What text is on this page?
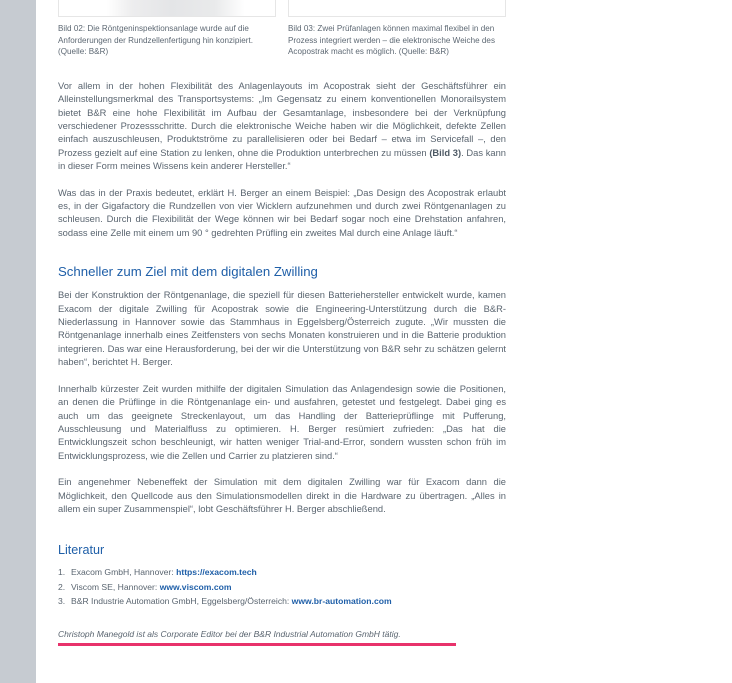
Bild 02: Die Röntgeninspektionsanlage wurde auf die Anforderungen der Rundzellenfertigung hin konzipiert. (Quelle: B&R)
Bild 03: Zwei Prüfanlagen können maximal flexibel in den Prozess integriert werden – die elektronische Weiche des Acopostrak macht es möglich. (Quelle: B&R)

Vor allem in der hohen Flexibilität des Anlagenlayouts im Acopostrak sieht der Geschäftsführer ein Alleinstellungsmerkmal des Transportsystems: „Im Gegensatz zu einem konventionellen Monorailsystem bietet B&R eine hohe Flexibilität im Aufbau der Gesamtanlage, insbesondere bei der Verknüpfung verschiedener Prozessschritte. Durch die elektronische Weiche haben wir die Möglichkeit, defekte Zellen einfach auszuschleusen, Produktströme zu parallelisieren oder bei Bedarf – etwa im Servicefall –, den Prozess gezielt auf eine Station zu lenken, ohne die Produktion unterbrechen zu müssen (Bild 3). Das kann in dieser Form meines Wissens kein anderer Hersteller.“

Was das in der Praxis bedeutet, erklärt H. Berger an einem Beispiel: „Das Design des Acopostrak erlaubt es, in der Gigafactory die Rundzellen von vier Wicklern aufzunehmen und durch zwei Röntgenanlagen zu schleusen. Durch die Flexibilität der Wege können wir bei Bedarf sogar noch eine Drehstation anfahren, sodass eine Zelle mit einem um 90 ° gedrehten Prüfling ein zweites Mal durch eine Anlage läuft.“

Schneller zum Ziel mit dem digitalen Zwilling

Bei der Konstruktion der Röntgenanlage, die speziell für diesen Batteriehersteller entwickelt wurde, kamen Exacom der digitale Zwilling für Acopostrak sowie die Engineering-Unterstützung durch die B&R-Niederlassung in Hannover sowie das Stammhaus in Eggelsberg/Österreich zugute. „Wir mussten die Röntgenanlage innerhalb eines Zeitfensters von sechs Monaten konstruieren und in die Batterie produktion integrieren. Das war eine Herausforderung, bei der wir die Unterstützung von B&R sehr zu schätzen gelernt haben“, berichtet H. Berger.

Innerhalb kürzester Zeit wurden mithilfe der digitalen Simulation das Anlagendesign sowie die Positionen, an denen die Prüflinge in die Röntgenanlage ein- und ausfahren, getestet und festgelegt. Dabei ging es auch um das geeignete Streckenlayout, um das Handling der Batterieprüflinge mit Pufferung, Ausschleusung und Materialfluss zu optimieren. H. Berger resümiert zufrieden: „Das hat die Entwicklungszeit schon beschleunigt, wir hatten weniger Trial-and-Error, sondern wussten schon früh im Entwicklungsprozess, wie die Zellen und Carrier zu platzieren sind.“

Ein angenehmer Nebeneffekt der Simulation mit dem digitalen Zwilling war für Exacom dann die Möglichkeit, den Quellcode aus den Simulationsmodellen direkt in die Hardware zu übertragen. „Alles in allem ein super Zusammenspiel“, lobt Geschäftsführer H. Berger abschließend.

Literatur
Exacom GmbH, Hannover: https://exacom.tech
Viscom SE, Hannover: www.viscom.com
B&R Industrie Automation GmbH, Eggelsberg/Österreich: www.br-automation.com
Christoph Manegold ist als Corporate Editor bei der B&R Industrial Automation GmbH tätig.
